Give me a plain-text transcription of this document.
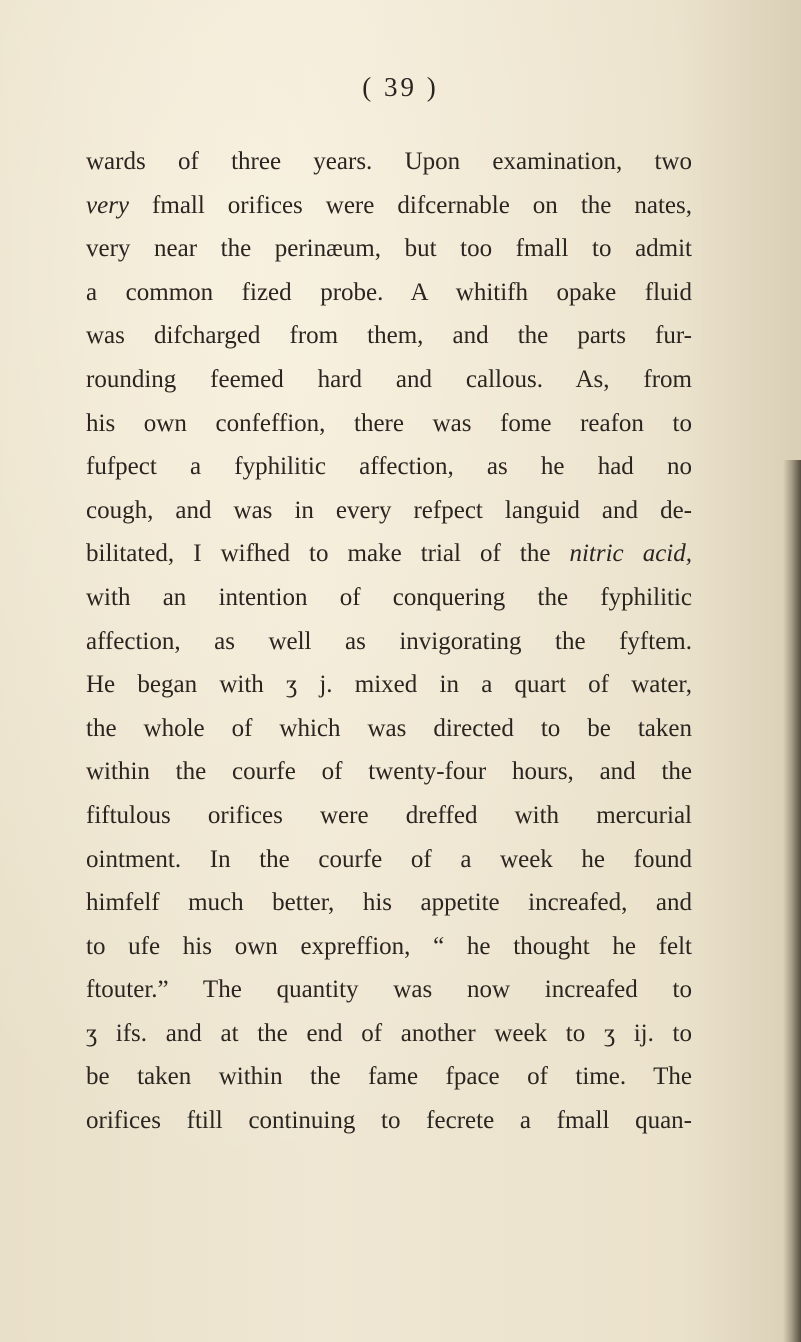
( 39 )
wards of three years. Upon examination, two
very fmall orifices were difcernable on the nates,
very near the perinæum, but too fmall to admit
a common fized probe. A whitifh opake fluid
was difcharged from them, and the parts fur-
rounding feemed hard and callous. As, from
his own confeffion, there was fome reafon to
fufpect a fyphilitic affection, as he had no
cough, and was in every refpect languid and de-
bilitated, I wifhed to make trial of the nitric acid,
with an intention of conquering the fyphilitic
affection, as well as invigorating the fyftem.
He began with ʒ j. mixed in a quart of water,
the whole of which was directed to be taken
within the courfe of twenty-four hours, and the
fiftulous orifices were dreffed with mercurial
ointment. In the courfe of a week he found
himfelf much better, his appetite increafed, and
to ufe his own expreffion, “ he thought he felt
ftouter.” The quantity was now increafed to
ʒ ifs. and at the end of another week to ʒ ij. to
be taken within the fame fpace of time. The
orifices ftill continuing to fecrete a fmall quan-
